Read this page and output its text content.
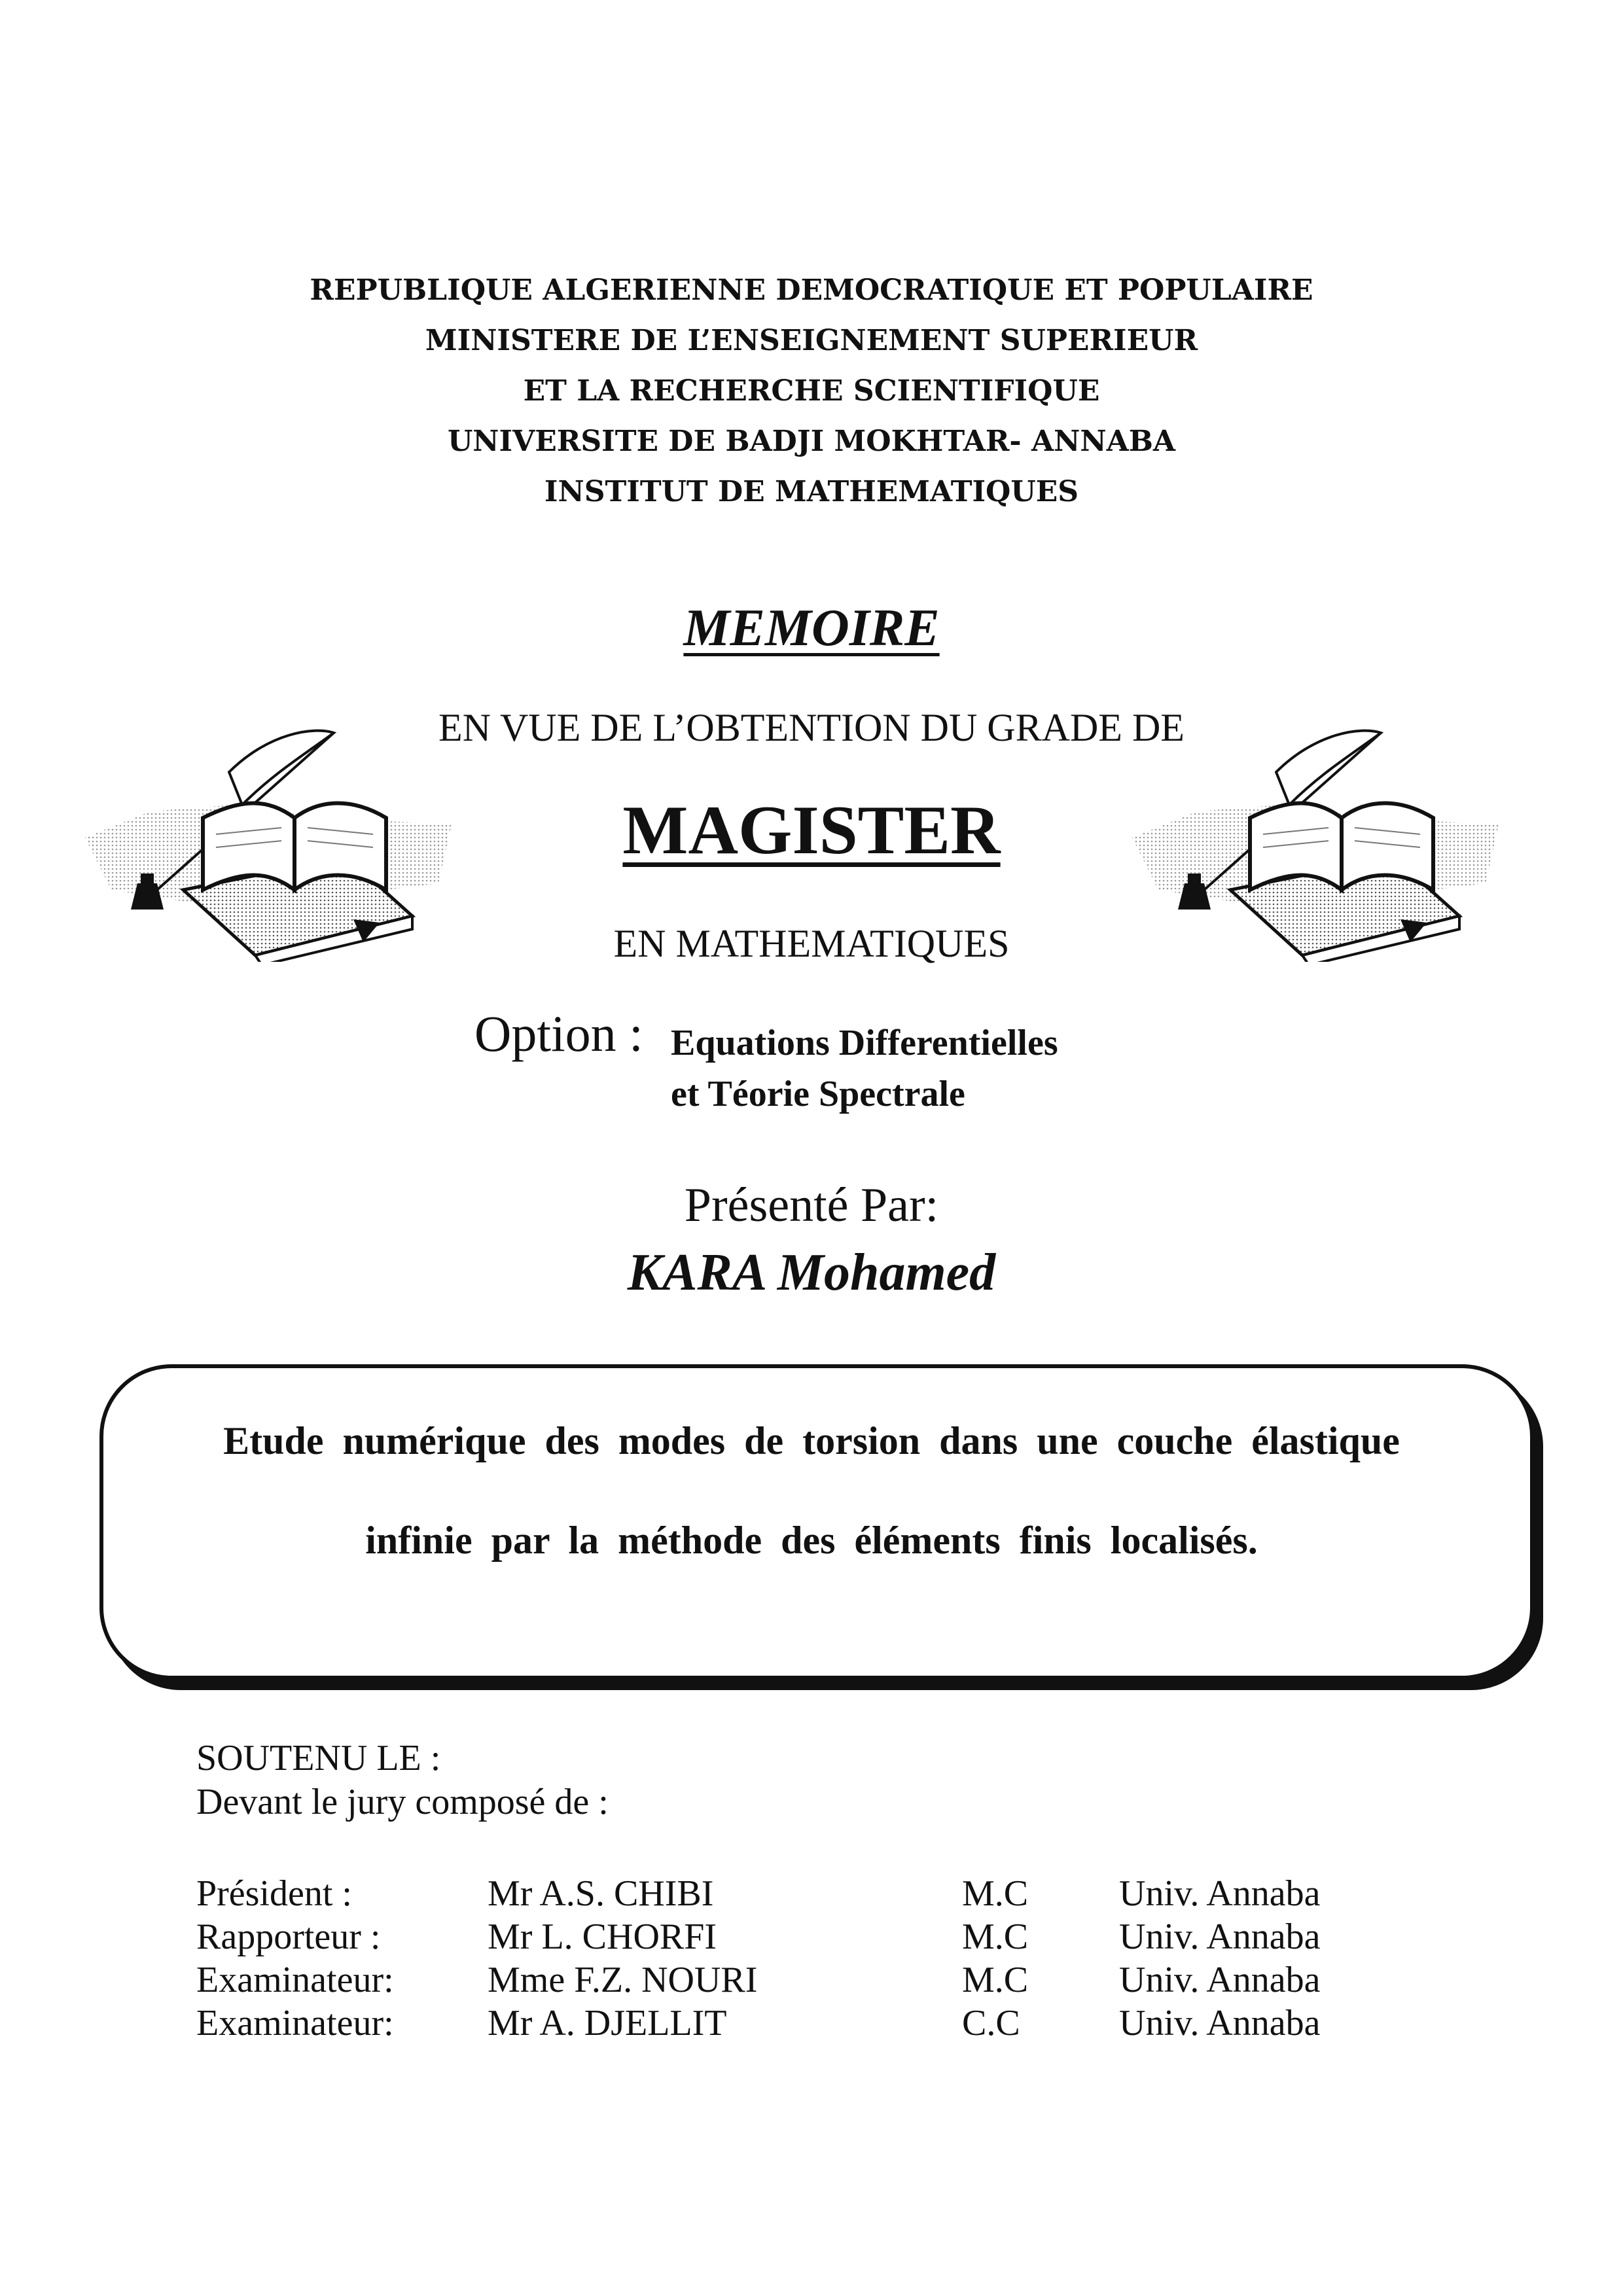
REPUBLIQUE ALGERIENNE DEMOCRATIQUE ET POPULAIRE
MINISTERE DE L’ENSEIGNEMENT SUPERIEUR
ET LA RECHERCHE SCIENTIFIQUE
UNIVERSITE DE BADJI MOKHTAR- ANNABA
INSTITUT DE MATHEMATIQUES
MEMOIRE
EN VUE DE L’OBTENTION DU GRADE DE
MAGISTER
EN MATHEMATIQUES
Option : Equations Differentielles
et Téorie Spectrale
Présenté Par:
KARA Mohamed
Etude numérique des modes de torsion dans une couche élastique
infinie par la méthode des éléments finis localisés.
SOUTENU LE :
Devant le jury composé de :
Président :	Mr A.S. CHIBI	M.C Univ. Annaba
Rapporteur :	Mr L. CHORFI	M.C Univ. Annaba
Examinateur:	Mme F.Z. NOURI	M.C Univ. Annaba
Examinateur:	Mr A. DJELLIT	C.C	Univ. Annaba
